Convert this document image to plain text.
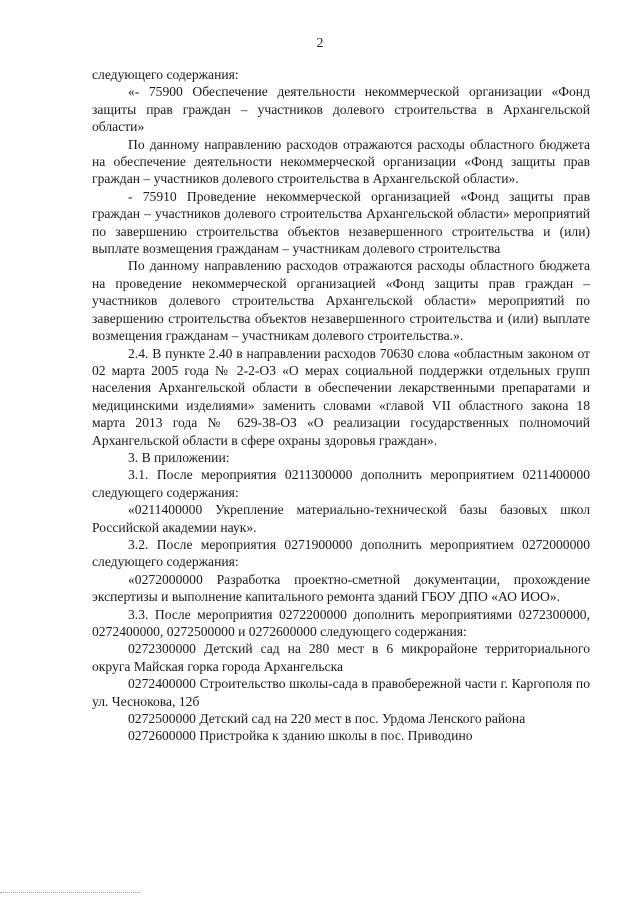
2

следующего содержания:

«- 75900 Обеспечение деятельности некоммерческой организации «Фонд защиты прав граждан – участников долевого строительства в Архангельской области»

По данному направлению расходов отражаются расходы областного бюджета на обеспечение деятельности некоммерческой организации «Фонд защиты прав граждан – участников долевого строительства в Архангельской области».

- 75910 Проведение некоммерческой организацией «Фонд защиты прав граждан – участников долевого строительства Архангельской области» мероприятий по завершению строительства объектов незавершенного строительства и (или) выплате возмещения гражданам – участникам долевого строительства

По данному направлению расходов отражаются расходы областного бюджета на проведение некоммерческой организацией «Фонд защиты прав граждан – участников долевого строительства Архангельской области» мероприятий по завершению строительства объектов незавершенного строительства и (или) выплате возмещения гражданам – участникам долевого строительства.».

2.4. В пункте 2.40 в направлении расходов 70630 слова «областным законом от 02 марта 2005 года № 2-2-ОЗ «О мерах социальной поддержки отдельных групп населения Архангельской области в обеспечении лекарственными препаратами и медицинскими изделиями» заменить словами «главой VII областного закона 18 марта 2013 года № 629-38-ОЗ «О реализации государственных полномочий Архангельской области в сфере охраны здоровья граждан».

3. В приложении:

3.1. После мероприятия 0211300000 дополнить мероприятием 0211400000 следующего содержания:

«0211400000 Укрепление материально-технической базы базовых школ Российской академии наук».

3.2. После мероприятия 0271900000 дополнить мероприятием 0272000000 следующего содержания:

«0272000000 Разработка проектно-сметной документации, прохождение экспертизы и выполнение капитального ремонта зданий ГБОУ ДПО «АО ИОО».

3.3. После мероприятия 0272200000 дополнить мероприятиями 0272300000, 0272400000, 0272500000 и 0272600000 следующего содержания:

0272300000 Детский сад на 280 мест в 6 микрорайоне территориального округа Майская горка города Архангельска

0272400000 Строительство школы-сада в правобережной части г. Каргополя по ул. Чеснокова, 12б

0272500000 Детский сад на 220 мест в пос. Урдома Ленского района

0272600000 Пристройка к зданию школы в пос. Приводино
